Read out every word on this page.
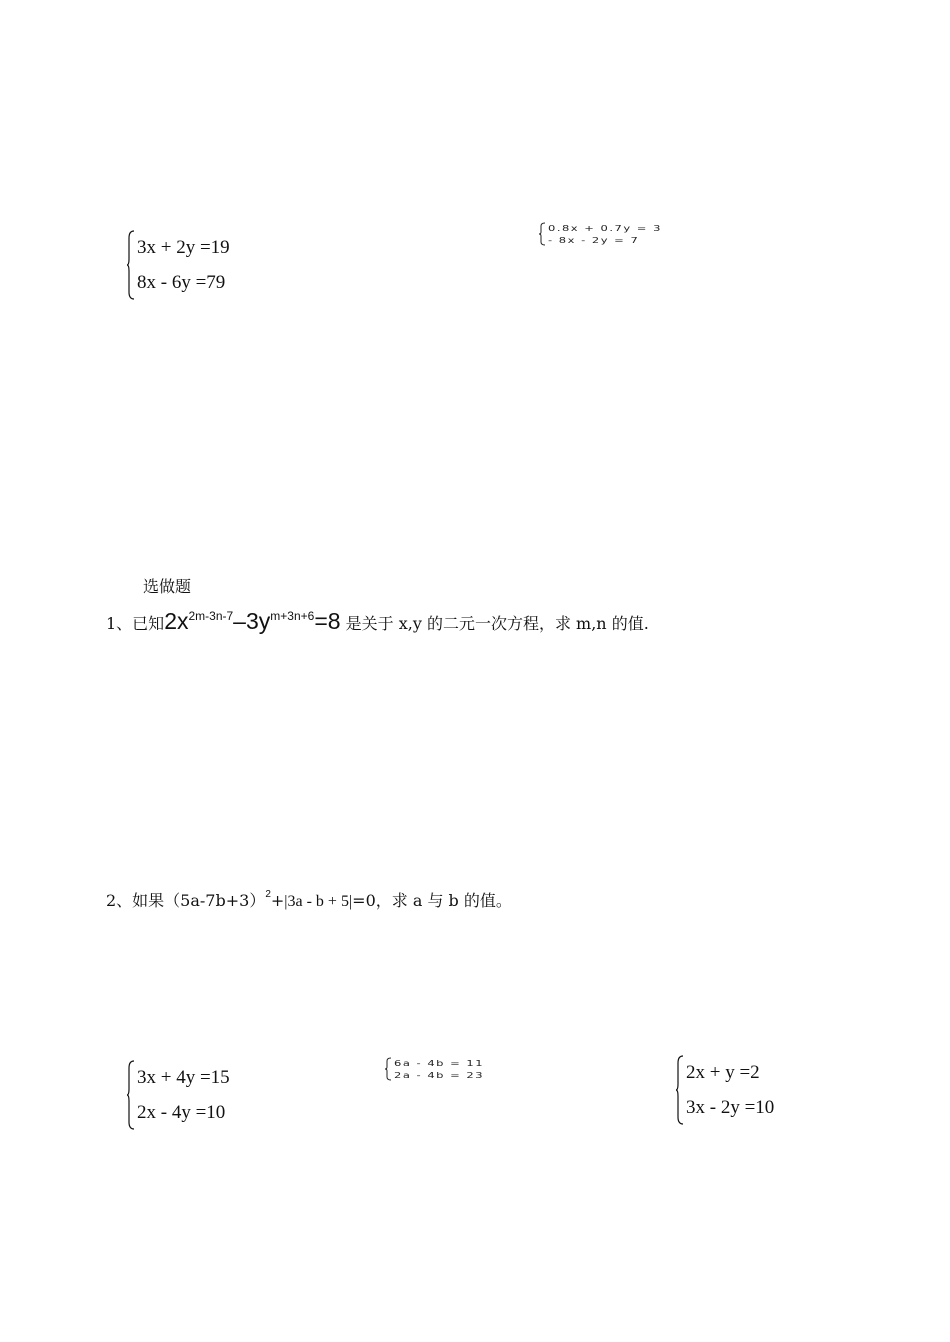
3x + 2y =19
8x - 6y =79
0.8x + 0.7y = 3
- 8x - 2y = 7
选做题
1、已知$2x^{2m-3n-7}-3y^{m+3n+6}=8$ 是关于 x,y 的二元一次方程，求 m,n 的值.
2、如果$(5a-7b+3)^2+|3a - b + 5|=0$，求 a 与 b 的值。
3x + 4y =15
2x - 4y =10
6a - 4b = 11
2a - 4b = 23	2x + y =2
3x - 2y =10
